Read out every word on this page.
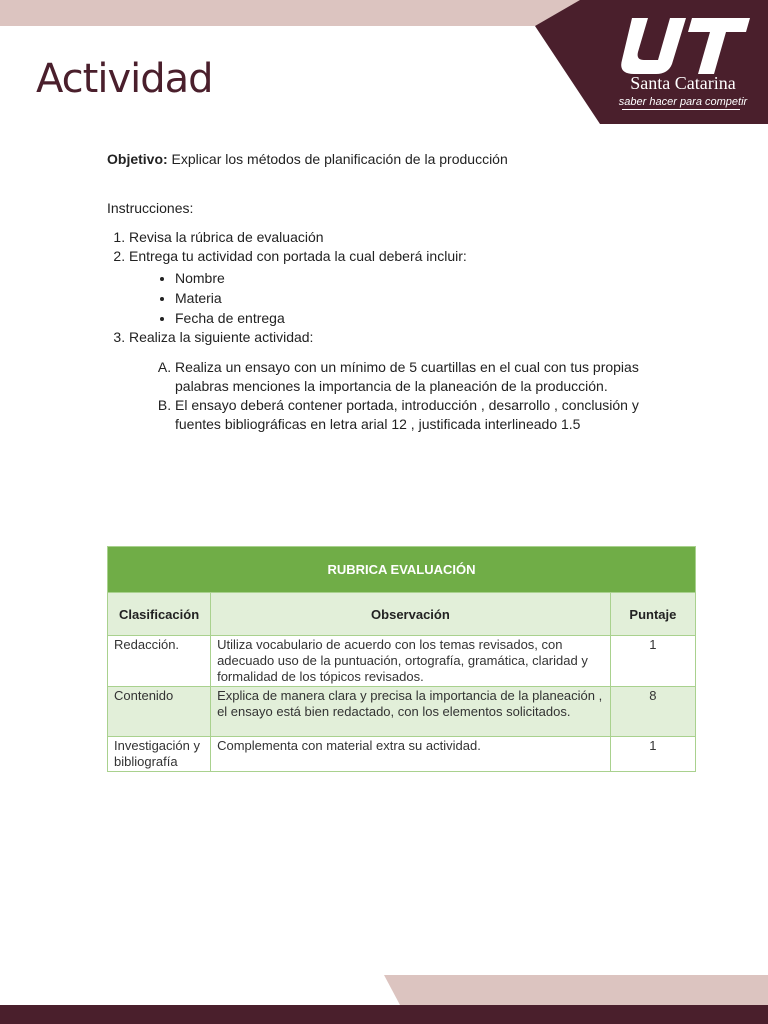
Actividad	Santa Catarina
saber hacer para competir

Objetivo: Explicar los métodos de planificación de la producción

Instrucciones:

1. Revisa la rúbrica de evaluación
2. Entrega tu actividad con portada la cual deberá incluir:
• Nombre
• Materia
• Fecha de entrega
3. Realiza la siguiente actividad:
A. Realiza un ensayo con un mínimo de 5 cuartillas en el cual con tus propias palabras menciones la importancia de la planeación de la producción.
B. El ensayo deberá contener portada, introducción , desarrollo , conclusión y fuentes bibliográficas en letra arial 12 , justificada interlineado 1.5
RUBRICA EVALUACIÓN		
Clasificación	Observación	Puntaje
Redacción.	Utiliza vocabulario de acuerdo con los temas revisados, con adecuado uso de la puntuación, ortografía, gramática, claridad y formalidad de los tópicos revisados.	1
Contenido	Explica de manera clara y precisa la importancia de la planeación , el ensayo está bien redactado, con los elementos solicitados.	8
Investigación y bibliografía	Complementa con material extra su actividad.	1
